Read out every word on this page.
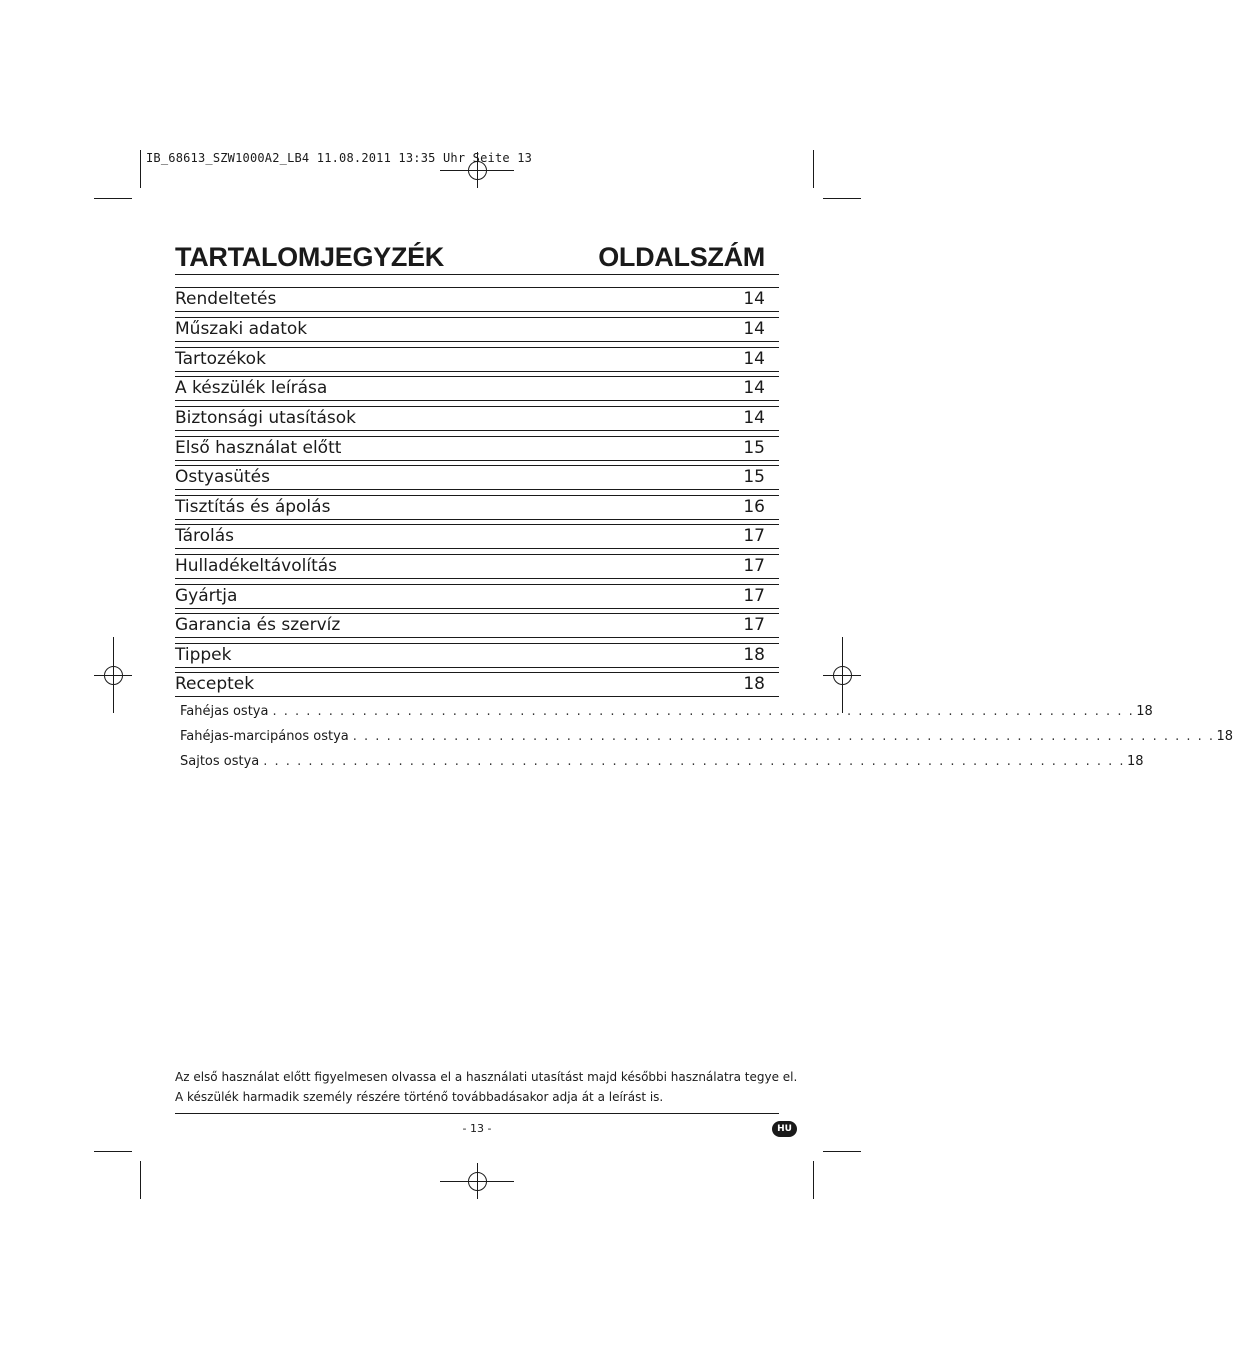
IB_68613_SZW1000A2_LB4 11.08.2011 13:35 Uhr Seite 13
TARTALOMJEGYZÉK	OLDALSZÁM
Rendeltetés	14
Műszaki adatok	14
Tartozékok	14
A készülék leírása	14
Biztonsági utasítások	14
Első használat előtt	15
Ostyasütés	15
Tisztítás és ápolás	16
Tárolás	17
Hulladékeltávolítás	17
Gyártja	17
Garancia és szervíz	17
Tippek	18
Receptek	18
Fahéjas ostya . . . . . . . . . . . . . . . . . . . . . . . . . . . . . . . . . . . . . . . . . . . . . . . . . . . . . . . . . . . . . . . . . . . . . . . . . . . . . 18
Fahéjas-marcipános ostya . . . . . . . . . . . . . . . . . . . . . . . . . . . . . . . . . . . . . . . . . . . . . . . . . . . . . . . . . . . . . . . . . . . . . . . . . . . . . 18
Sajtos ostya . . . . . . . . . . . . . . . . . . . . . . . . . . . . . . . . . . . . . . . . . . . . . . . . . . . . . . . . . . . . . . . . . . . . . . . . . . . . . 18
Az első használat előtt figyelmesen olvassa el a használati utasítást majd későbbi használatra tegye el.
A készülék harmadik személy részére történő továbbadásakor adja át a leírást is.
- 13 -	HU
